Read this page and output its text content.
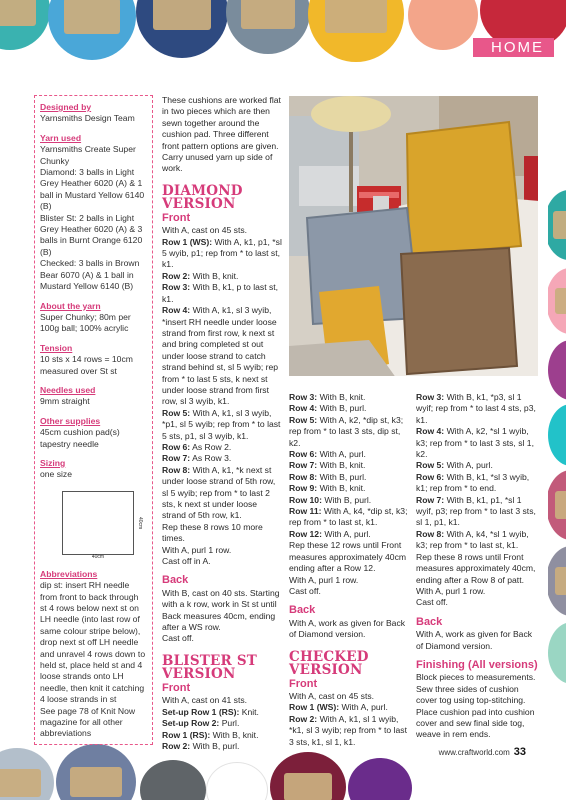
HOME
Designed by
Yarnsmiths Design Team
Yarn used
Yarnsmiths Create Super Chunky
Diamond: 3 balls in Light Grey Heather 6020 (A) & 1 ball in Mustard Yellow 6140 (B)
Blister St: 2 balls in Light Grey Heather 6020 (A) & 3 balls in Burnt Orange 6120 (B)
Checked: 3 balls in Brown Bear 6070 (A) & 1 ball in Mustard Yellow 6140 (B)
About the yarn
Super Chunky; 80m per 100g ball; 100% acrylic
Tension
10 sts x 14 rows = 10cm measured over St st
Needles used
9mm straight
Other supplies
45cm cushion pad(s) tapestry needle
Sizing
one size
40cm
40cm
Abbreviations
dip st: insert RH needle from front to back through st 4 rows below next st on LH needle (into last row of same colour stripe below), drop next st off LH needle and unravel 4 rows down to held st, place held st and 4 loose strands onto LH needle, then knit it catching 4 loose strands in st
See page 78 of Knit Now magazine for all other abbreviations

These cushions are worked flat in two pieces which are then sewn together around the cushion pad. Three different front pattern options are given. Carry unused yarn up side of work.

DIAMOND VERSION
Front

With A, cast on 45 sts.

Row 1 (WS): With A, k1, p1, *sl 5 wyib, p1; rep from * to last st, k1.

Row 2: With B, knit.

Row 3: With B, k1, p to last st, k1.

Row 4: With A, k1, sl 3 wyib, *insert RH needle under loose strand from first row, k next st and bring completed st out under loose strand to catch strand behind st, sl 5 wyib; rep from * to last 5 sts, k next st under loose strand from first row, sl 3 wyib, k1.

Row 5: With A, k1, sl 3 wyib, *p1, sl 5 wyib; rep from * to last 5 sts, p1, sl 3 wyib, k1.

Row 6: As Row 2.

Row 7: As Row 3.

Row 8: With A, k1, *k next st under loose strand of 5th row, sl 5 wyib; rep from * to last 2 sts, k next st under loose strand of 5th row, k1.

Rep these 8 rows 10 more times.

With A, purl 1 row.

Cast off in A.

Back

With B, cast on 40 sts. Starting with a k row, work in St st until Back measures 40cm, ending after a WS row.

Cast off.

BLISTER ST VERSION
Front

With A, cast on 41 sts.

Set-up Row 1 (RS): Knit.

Set-up Row 2: Purl.

Row 1 (RS): With B, knit.

Row 2: With B, purl.

Row 3: With B, knit.

Row 4: With B, purl.

Row 5: With A, k2, *dip st, k3; rep from * to last 3 sts, dip st, k2.

Row 6: With A, purl.

Row 7: With B, knit.

Row 8: With B, purl.

Row 9: With B, knit.

Row 10: With B, purl.

Row 11: With A, k4, *dip st, k3; rep from * to last st, k1.

Row 12: With A, purl.

Rep these 12 rows until Front measures approximately 40cm ending after a Row 12.

With A, purl 1 row.

Cast off.

Back

With A, work as given for Back of Diamond version.

CHECKED VERSION
Front

With A, cast on 45 sts.

Row 1 (WS): With A, purl.

Row 2: With A, k1, sl 1 wyib, *k1, sl 3 wyib; rep from * to last 3 sts, k1, sl 1, k1.

Row 3: With B, k1, *p3, sl 1 wyif; rep from * to last 4 sts, p3, k1.

Row 4: With A, k2, *sl 1 wyib, k3; rep from * to last 3 sts, sl 1, k2.

Row 5: With A, purl.

Row 6: With B, k1, *sl 3 wyib, k1; rep from * to end.

Row 7: With B, k1, p1, *sl 1 wyif, p3; rep from * to last 3 sts, sl 1, p1, k1.

Row 8: With A, k4, *sl 1 wyib, k3; rep from * to last st, k1.

Rep these 8 rows until Front measures approximately 40cm, ending after a Row 8 of patt.

With A, purl 1 row.

Cast off.

Back

With A, work as given for Back of Diamond version.

Finishing (All versions)

Block pieces to measurements. Sew three sides of cushion cover tog using top-stitching. Place cushion pad into cushion cover and sew final side tog, weave in rem ends.

www.craftworld.com 33
PassionForum.ru
